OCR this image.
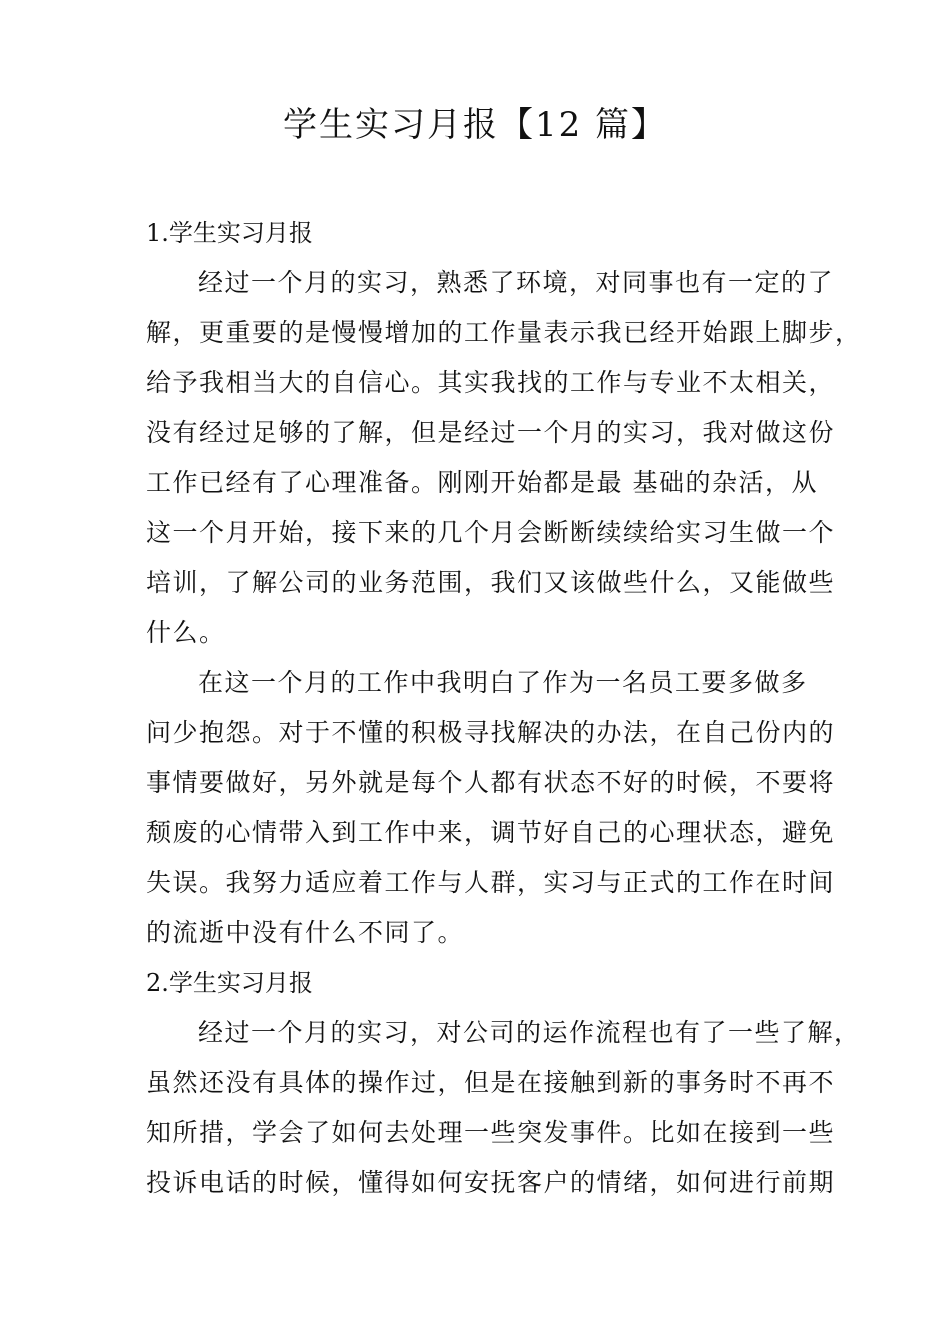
学生实习月报【12 篇】
1.学生实习月报
经过一个月的实习，熟悉了环境，对同事也有一定的了
解，更重要的是慢慢增加的工作量表示我已经开始跟上脚步，
给予我相当大的自信心。其实我找的工作与专业不太相关，
没有经过足够的了解，但是经过一个月的实习，我对做这份
工作已经有了心理准备。刚刚开始都是最 基础的杂活，从
这一个月开始，接下来的几个月会断断续续给实习生做一个
培训，了解公司的业务范围，我们又该做些什么，又能做些
什么。
在这一个月的工作中我明白了作为一名员工要多做多
问少抱怨。对于不懂的积极寻找解决的办法，在自己份内的
事情要做好，另外就是每个人都有状态不好的时候，不要将
颓废的心情带入到工作中来，调节好自己的心理状态，避免
失误。我努力适应着工作与人群，实习与正式的工作在时间
的流逝中没有什么不同了。
2.学生实习月报
经过一个月的实习，对公司的运作流程也有了一些了解，
虽然还没有具体的操作过，但是在接触到新的事务时不再不
知所措，学会了如何去处理一些突发事件。比如在接到一些
投诉电话的时候，懂得如何安抚客户的情绪，如何进行前期
